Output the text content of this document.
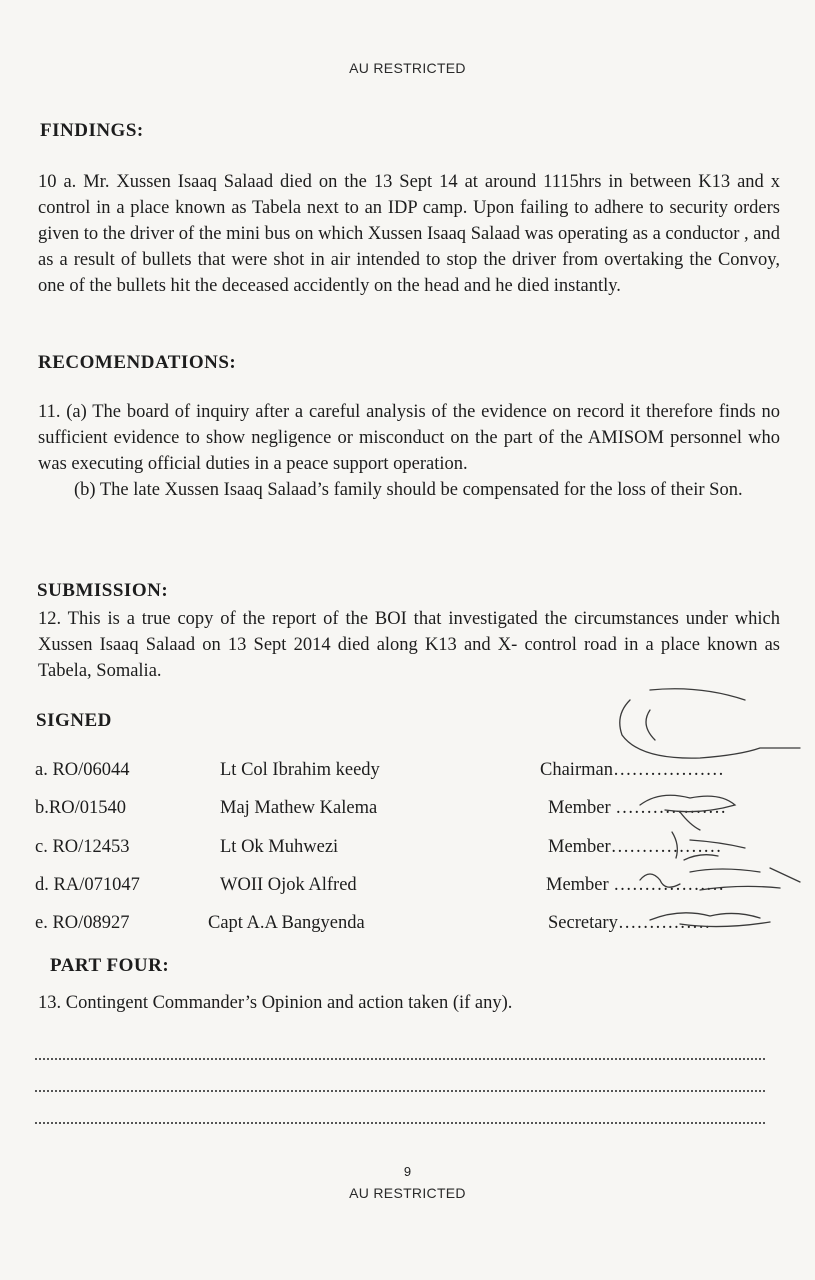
AU RESTRICTED
FINDINGS:

10 a. Mr. Xussen Isaaq Salaad died on the 13 Sept 14 at around 1115hrs in between K13 and x control in a place known as Tabela next to an IDP camp. Upon failing to adhere to security orders given to the driver of the mini bus on which Xussen Isaaq Salaad was operating as a conductor , and as a result of bullets that were shot in air intended to stop the driver from overtaking the Convoy, one of the bullets hit the deceased accidently on the head and he died instantly.

RECOMENDATIONS:

11. (a) The board of inquiry after a careful analysis of the evidence on record it therefore finds no sufficient evidence to show negligence or misconduct on the part of the AMISOM personnel who was executing official duties in a peace support operation.

(b) The late Xussen Isaaq Salaad’s family should be compensated for the loss of their Son.

SUBMISSION:

12. This is a true copy of the report of the BOI that investigated the circumstances under which Xussen Isaaq Salaad on 13 Sept 2014 died along K13 and X- control road in a place known as Tabela, Somalia.

SIGNED
a. RO/06044	Lt Col Ibrahim keedy	Chairman………………
b.RO/01540	Maj Mathew Kalema	Member ………………
c. RO/12453	Lt Ok Muhwezi	Member………………
d. RA/071047	WOII Ojok Alfred	Member ………………
e. RO/08927	Capt A.A Bangyenda	Secretary……………
PART FOUR:

13. Contingent Commander’s Opinion and action taken (if any).

9
AU RESTRICTED
